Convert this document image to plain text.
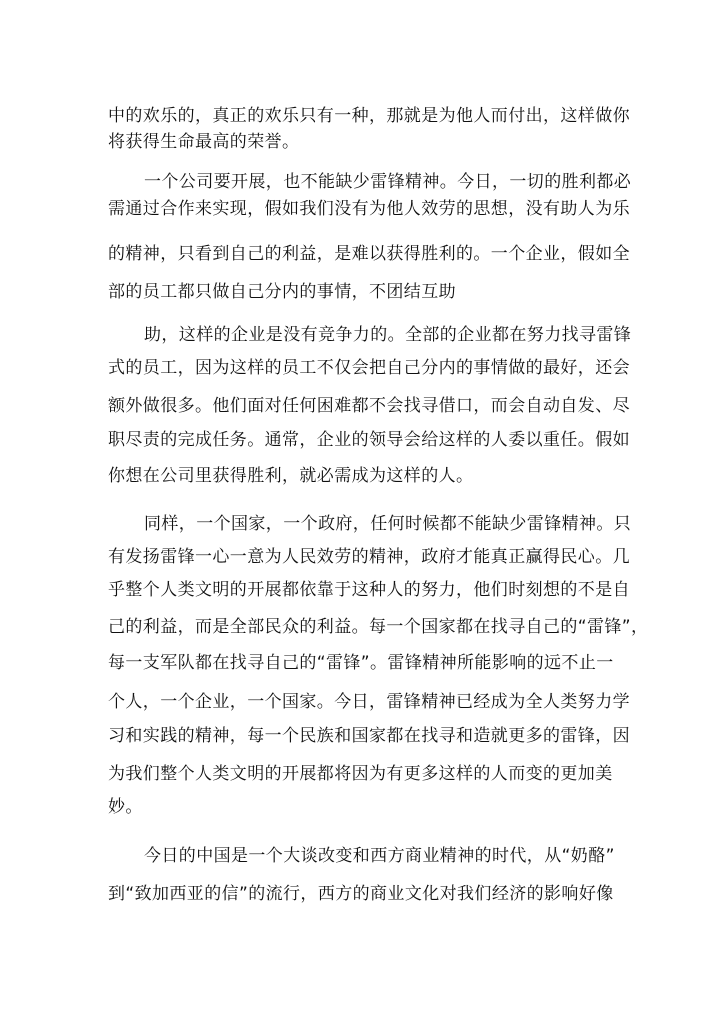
中的欢乐的，真正的欢乐只有一种，那就是为他人而付出，这样做你
将获得生命最高的荣誉。
一个公司要开展，也不能缺少雷锋精神。今日，一切的胜利都必
需通过合作来实现，假如我们没有为他人效劳的思想，没有助人为乐
的精神，只看到自己的利益，是难以获得胜利的。一个企业，假如全
部的员工都只做自己分内的事情，不团结互助
助，这样的企业是没有竞争力的。全部的企业都在努力找寻雷锋
式的员工，因为这样的员工不仅会把自己分内的事情做的最好，还会
额外做很多。他们面对任何困难都不会找寻借口，而会自动自发、尽
职尽责的完成任务。通常，企业的领导会给这样的人委以重任。假如
你想在公司里获得胜利，就必需成为这样的人。
同样，一个国家，一个政府，任何时候都不能缺少雷锋精神。只
有发扬雷锋一心一意为人民效劳的精神，政府才能真正赢得民心。几
乎整个人类文明的开展都依靠于这种人的努力，他们时刻想的不是自
己的利益，而是全部民众的利益。每一个国家都在找寻自己的“雷锋”，
每一支军队都在找寻自己的“雷锋”。雷锋精神所能影响的远不止一
个人，一个企业，一个国家。今日，雷锋精神已经成为全人类努力学
习和实践的精神，每一个民族和国家都在找寻和造就更多的雷锋，因
为我们整个人类文明的开展都将因为有更多这样的人而变的更加美
妙。
今日的中国是一个大谈改变和西方商业精神的时代，从“奶酪”
到“致加西亚的信”的流行，西方的商业文化对我们经济的影响好像
